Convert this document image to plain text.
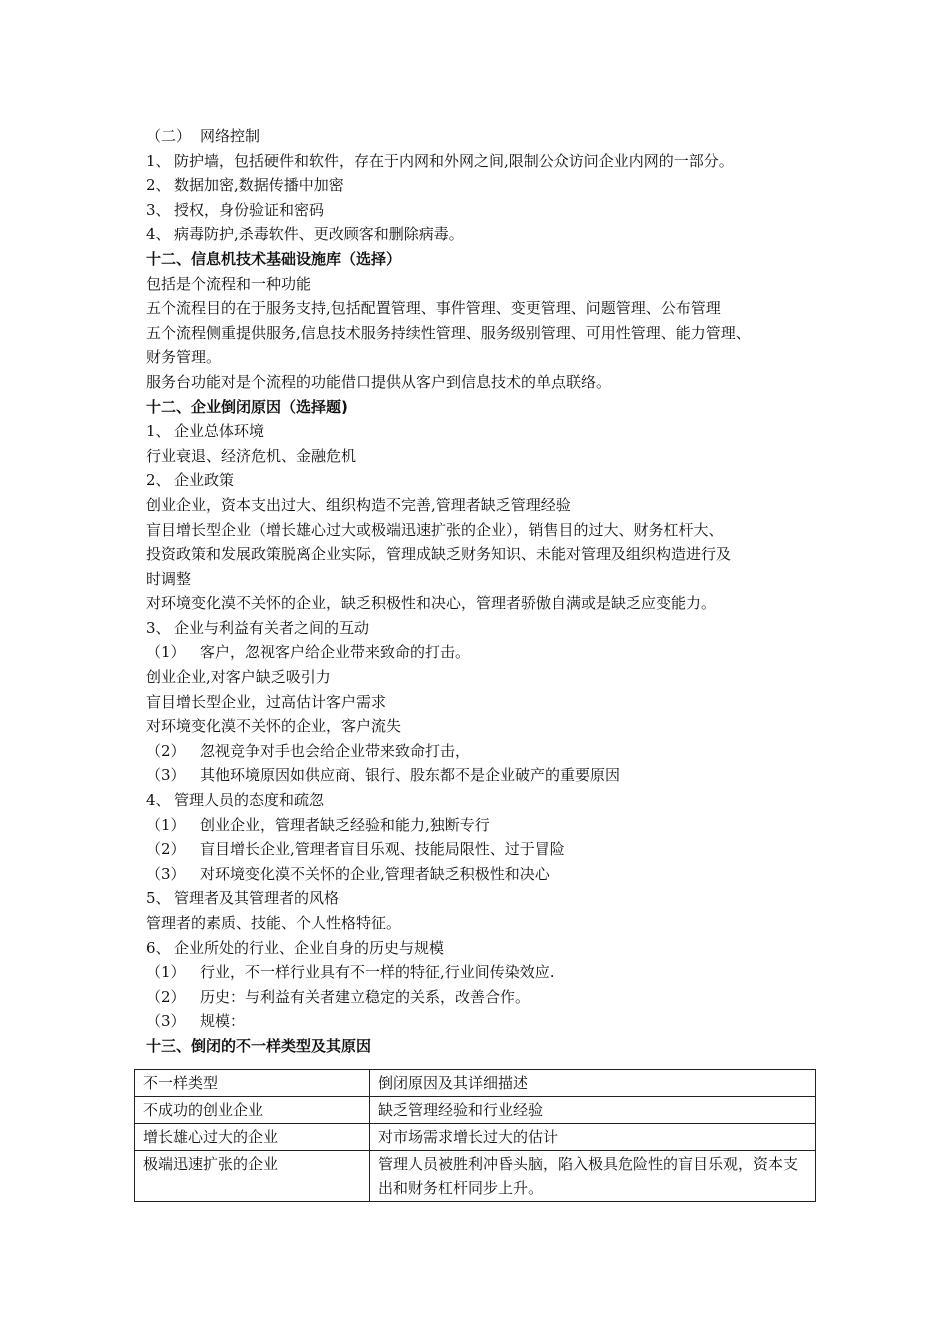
（二） 网络控制
1、 防护墙，包括硬件和软件，存在于内网和外网之间,限制公众访问企业内网的一部分。
2、 数据加密,数据传播中加密
3、 授权，身份验证和密码
4、 病毒防护,杀毒软件、更改顾客和删除病毒。
十二、信息机技术基础设施库（选择）
包括是个流程和一种功能
五个流程目的在于服务支持,包括配置管理、事件管理、变更管理、问题管理、公布管理
五个流程侧重提供服务,信息技术服务持续性管理、服务级别管理、可用性管理、能力管理、
财务管理。
服务台功能对是个流程的功能借口提供从客户到信息技术的单点联络。
十二、企业倒闭原因（选择题)
1、 企业总体环境
行业衰退、经济危机、金融危机
2、 企业政策
创业企业，资本支出过大、组织构造不完善,管理者缺乏管理经验
盲目增长型企业（增长雄心过大或极端迅速扩张的企业），销售目的过大、财务杠杆大、
投资政策和发展政策脱离企业实际，管理成缺乏财务知识、未能对管理及组织构造进行及
时调整
对环境变化漠不关怀的企业，缺乏积极性和决心，管理者骄傲自满或是缺乏应变能力。
3、 企业与利益有关者之间的互动
（1） 客户，忽视客户给企业带来致命的打击。
创业企业,对客户缺乏吸引力
盲目增长型企业，过高估计客户需求
对环境变化漠不关怀的企业，客户流失
（2） 忽视竞争对手也会给企业带来致命打击，
（3） 其他环境原因如供应商、银行、股东都不是企业破产的重要原因
4、 管理人员的态度和疏忽
（1） 创业企业，管理者缺乏经验和能力,独断专行
（2） 盲目增长企业,管理者盲目乐观、技能局限性、过于冒险
（3） 对环境变化漠不关怀的企业,管理者缺乏积极性和决心
5、 管理者及其管理者的风格
管理者的素质、技能、个人性格特征。
6、 企业所处的行业、企业自身的历史与规模
（1） 行业，不一样行业具有不一样的特征,行业间传染效应.
（2） 历史：与利益有关者建立稳定的关系，改善合作。
（3） 规模：
十三、倒闭的不一样类型及其原因
不一样类型	倒闭原因及其详细描述
不成功的创业企业	缺乏管理经验和行业经验
增长雄心过大的企业	对市场需求增长过大的估计
极端迅速扩张的企业	管理人员被胜利冲昏头脑，陷入极具危险性的盲目乐观，资本支出和财务杠杆同步上升。
